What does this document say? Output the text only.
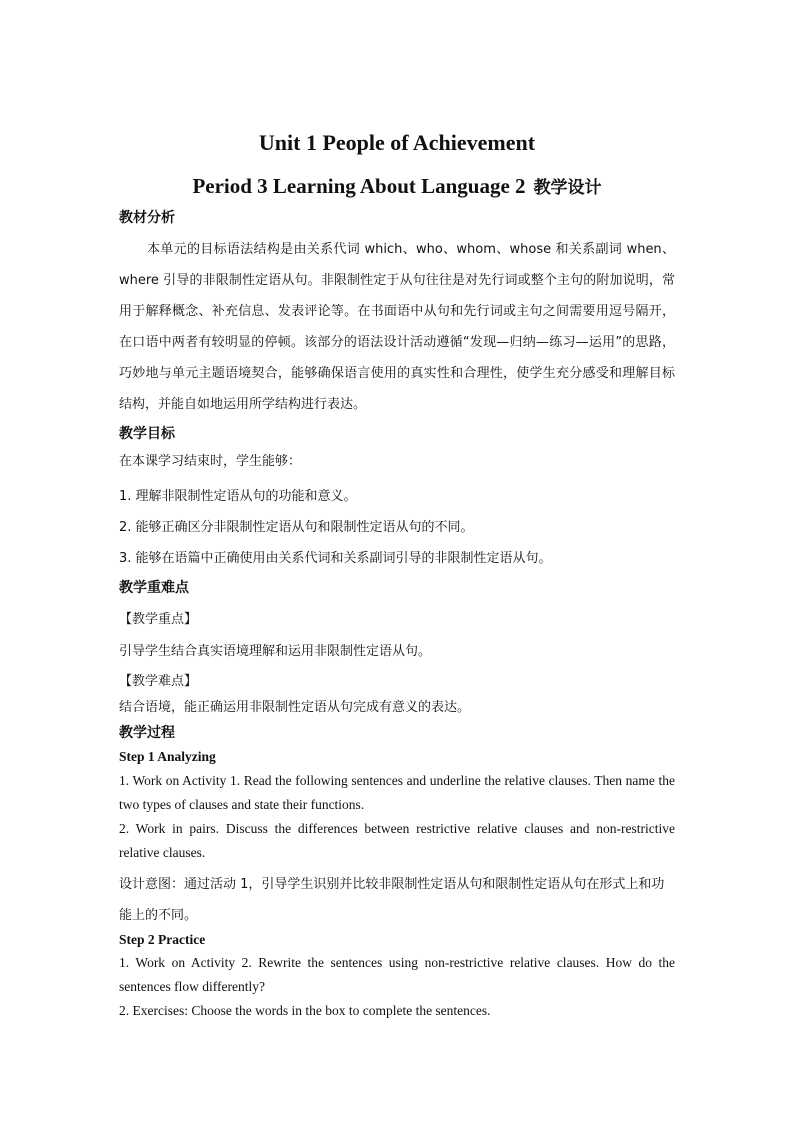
Unit 1 People of Achievement
Period 3 Learning About Language 2 教学设计
教材分析

本单元的目标语法结构是由关系代词 which、who、whom、whose 和关系副词 when、where 引导的非限制性定语从句。非限制性定于从句往往是对先行词或整个主句的附加说明，常用于解释概念、补充信息、发表评论等。在书面语中从句和先行词或主句之间需要用逗号隔开，在口语中两者有较明显的停顿。该部分的语法设计活动遵循“发现—归纳—练习—运用”的思路，巧妙地与单元主题语境契合，能够确保语言使用的真实性和合理性，使学生充分感受和理解目标结构，并能自如地运用所学结构进行表达。

教学目标
在本课学习结束时，学生能够：
1. 理解非限制性定语从句的功能和意义。
2. 能够正确区分非限制性定语从句和限制性定语从句的不同。
3. 能够在语篇中正确使用由关系代词和关系副词引导的非限制性定语从句。
教学重难点
【教学重点】
引导学生结合真实语境理解和运用非限制性定语从句。
【教学难点】
结合语境，能正确运用非限制性定语从句完成有意义的表达。
教学过程
Step 1 Analyzing

1. Work on Activity 1. Read the following sentences and underline the relative clauses. Then name the two types of clauses and state their functions.

2. Work in pairs. Discuss the differences between restrictive relative clauses and non-restrictive relative clauses.

设计意图：通过活动 1，引导学生识别并比较非限制性定语从句和限制性定语从句在形式上和功能上的不同。

Step 2 Practice

1. Work on Activity 2. Rewrite the sentences using non-restrictive relative clauses. How do the sentences flow differently?

2. Exercises: Choose the words in the box to complete the sentences.
